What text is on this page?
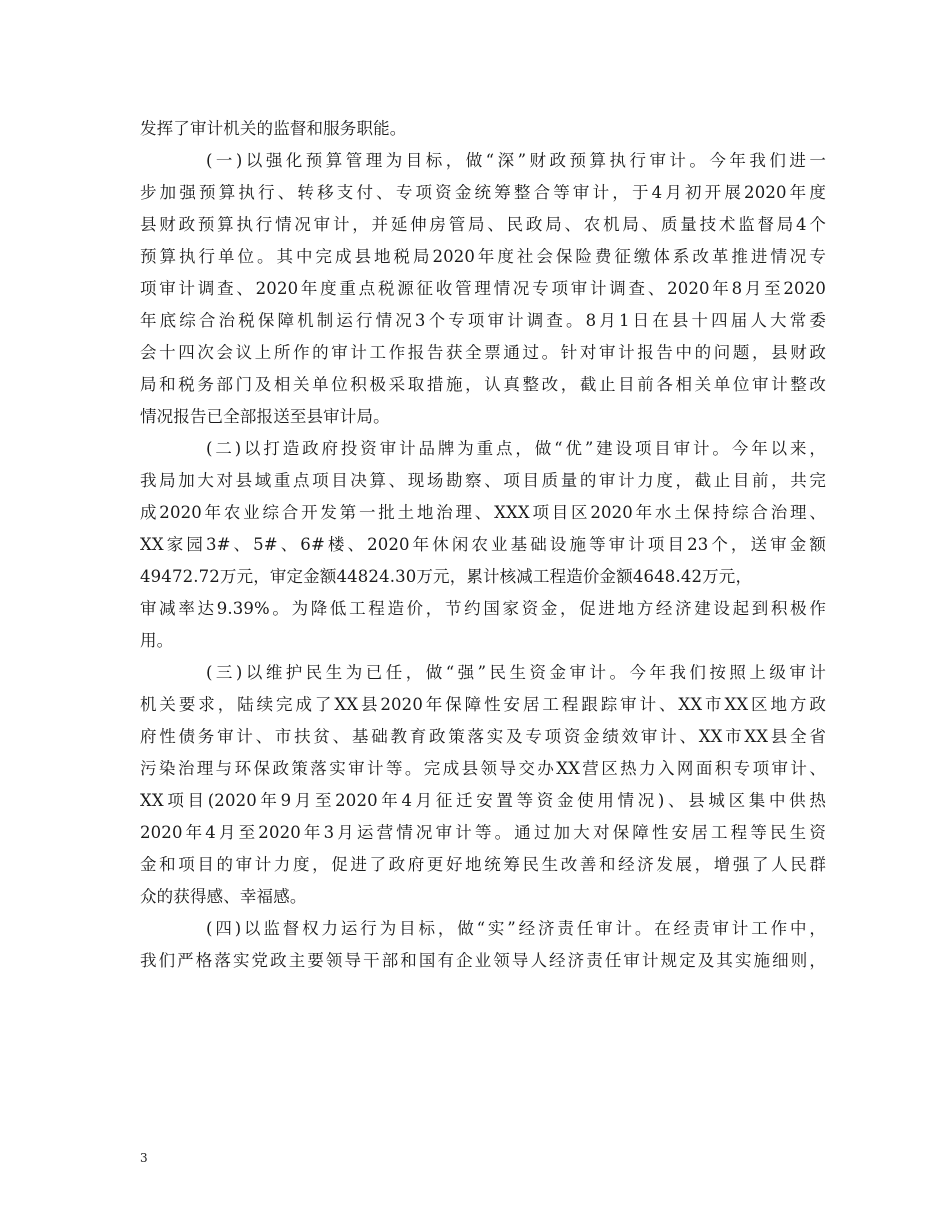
发挥了审计机关的监督和服务职能。
(一)以强化预算管理为目标，做“深”财政预算执行审计。今年我们进一
步加强预算执行、转移支付、专项资金统筹整合等审计，于4月初开展2020年度
县财政预算执行情况审计，并延伸房管局、民政局、农机局、质量技术监督局4个
预算执行单位。其中完成县地税局2020年度社会保险费征缴体系改革推进情况专
项审计调查、2020年度重点税源征收管理情况专项审计调查、2020年8月至2020
年底综合治税保障机制运行情况3个专项审计调查。8月1日在县十四届人大常委
会十四次会议上所作的审计工作报告获全票通过。针对审计报告中的问题，县财政
局和税务部门及相关单位积极采取措施，认真整改，截止目前各相关单位审计整改
情况报告已全部报送至县审计局。
(二)以打造政府投资审计品牌为重点，做“优”建设项目审计。今年以来，
我局加大对县域重点项目决算、现场勘察、项目质量的审计力度，截止目前，共完
成2020年农业综合开发第一批土地治理、XXX项目区2020年水土保持综合治理、
XX家园3#、5#、6#楼、2020年休闲农业基础设施等审计项目23个，送审金额
49472.72万元，审定金额44824.30万元，累计核减工程造价金额4648.42万元，
审减率达9.39%。为降低工程造价，节约国家资金，促进地方经济建设起到积极作
用。
(三)以维护民生为已任，做“强”民生资金审计。今年我们按照上级审计
机关要求，陆续完成了XX县2020年保障性安居工程跟踪审计、XX市XX区地方政
府性债务审计、市扶贫、基础教育政策落实及专项资金绩效审计、XX市XX县全省
污染治理与环保政策落实审计等。完成县领导交办XX营区热力入网面积专项审计、
XX项目(2020年9月至2020年4月征迁安置等资金使用情况)、县城区集中供热
2020年4月至2020年3月运营情况审计等。通过加大对保障性安居工程等民生资
金和项目的审计力度，促进了政府更好地统筹民生改善和经济发展，增强了人民群
众的获得感、幸福感。
(四)以监督权力运行为目标，做“实”经济责任审计。在经责审计工作中，
我们严格落实党政主要领导干部和国有企业领导人经济责任审计规定及其实施细则，
3
